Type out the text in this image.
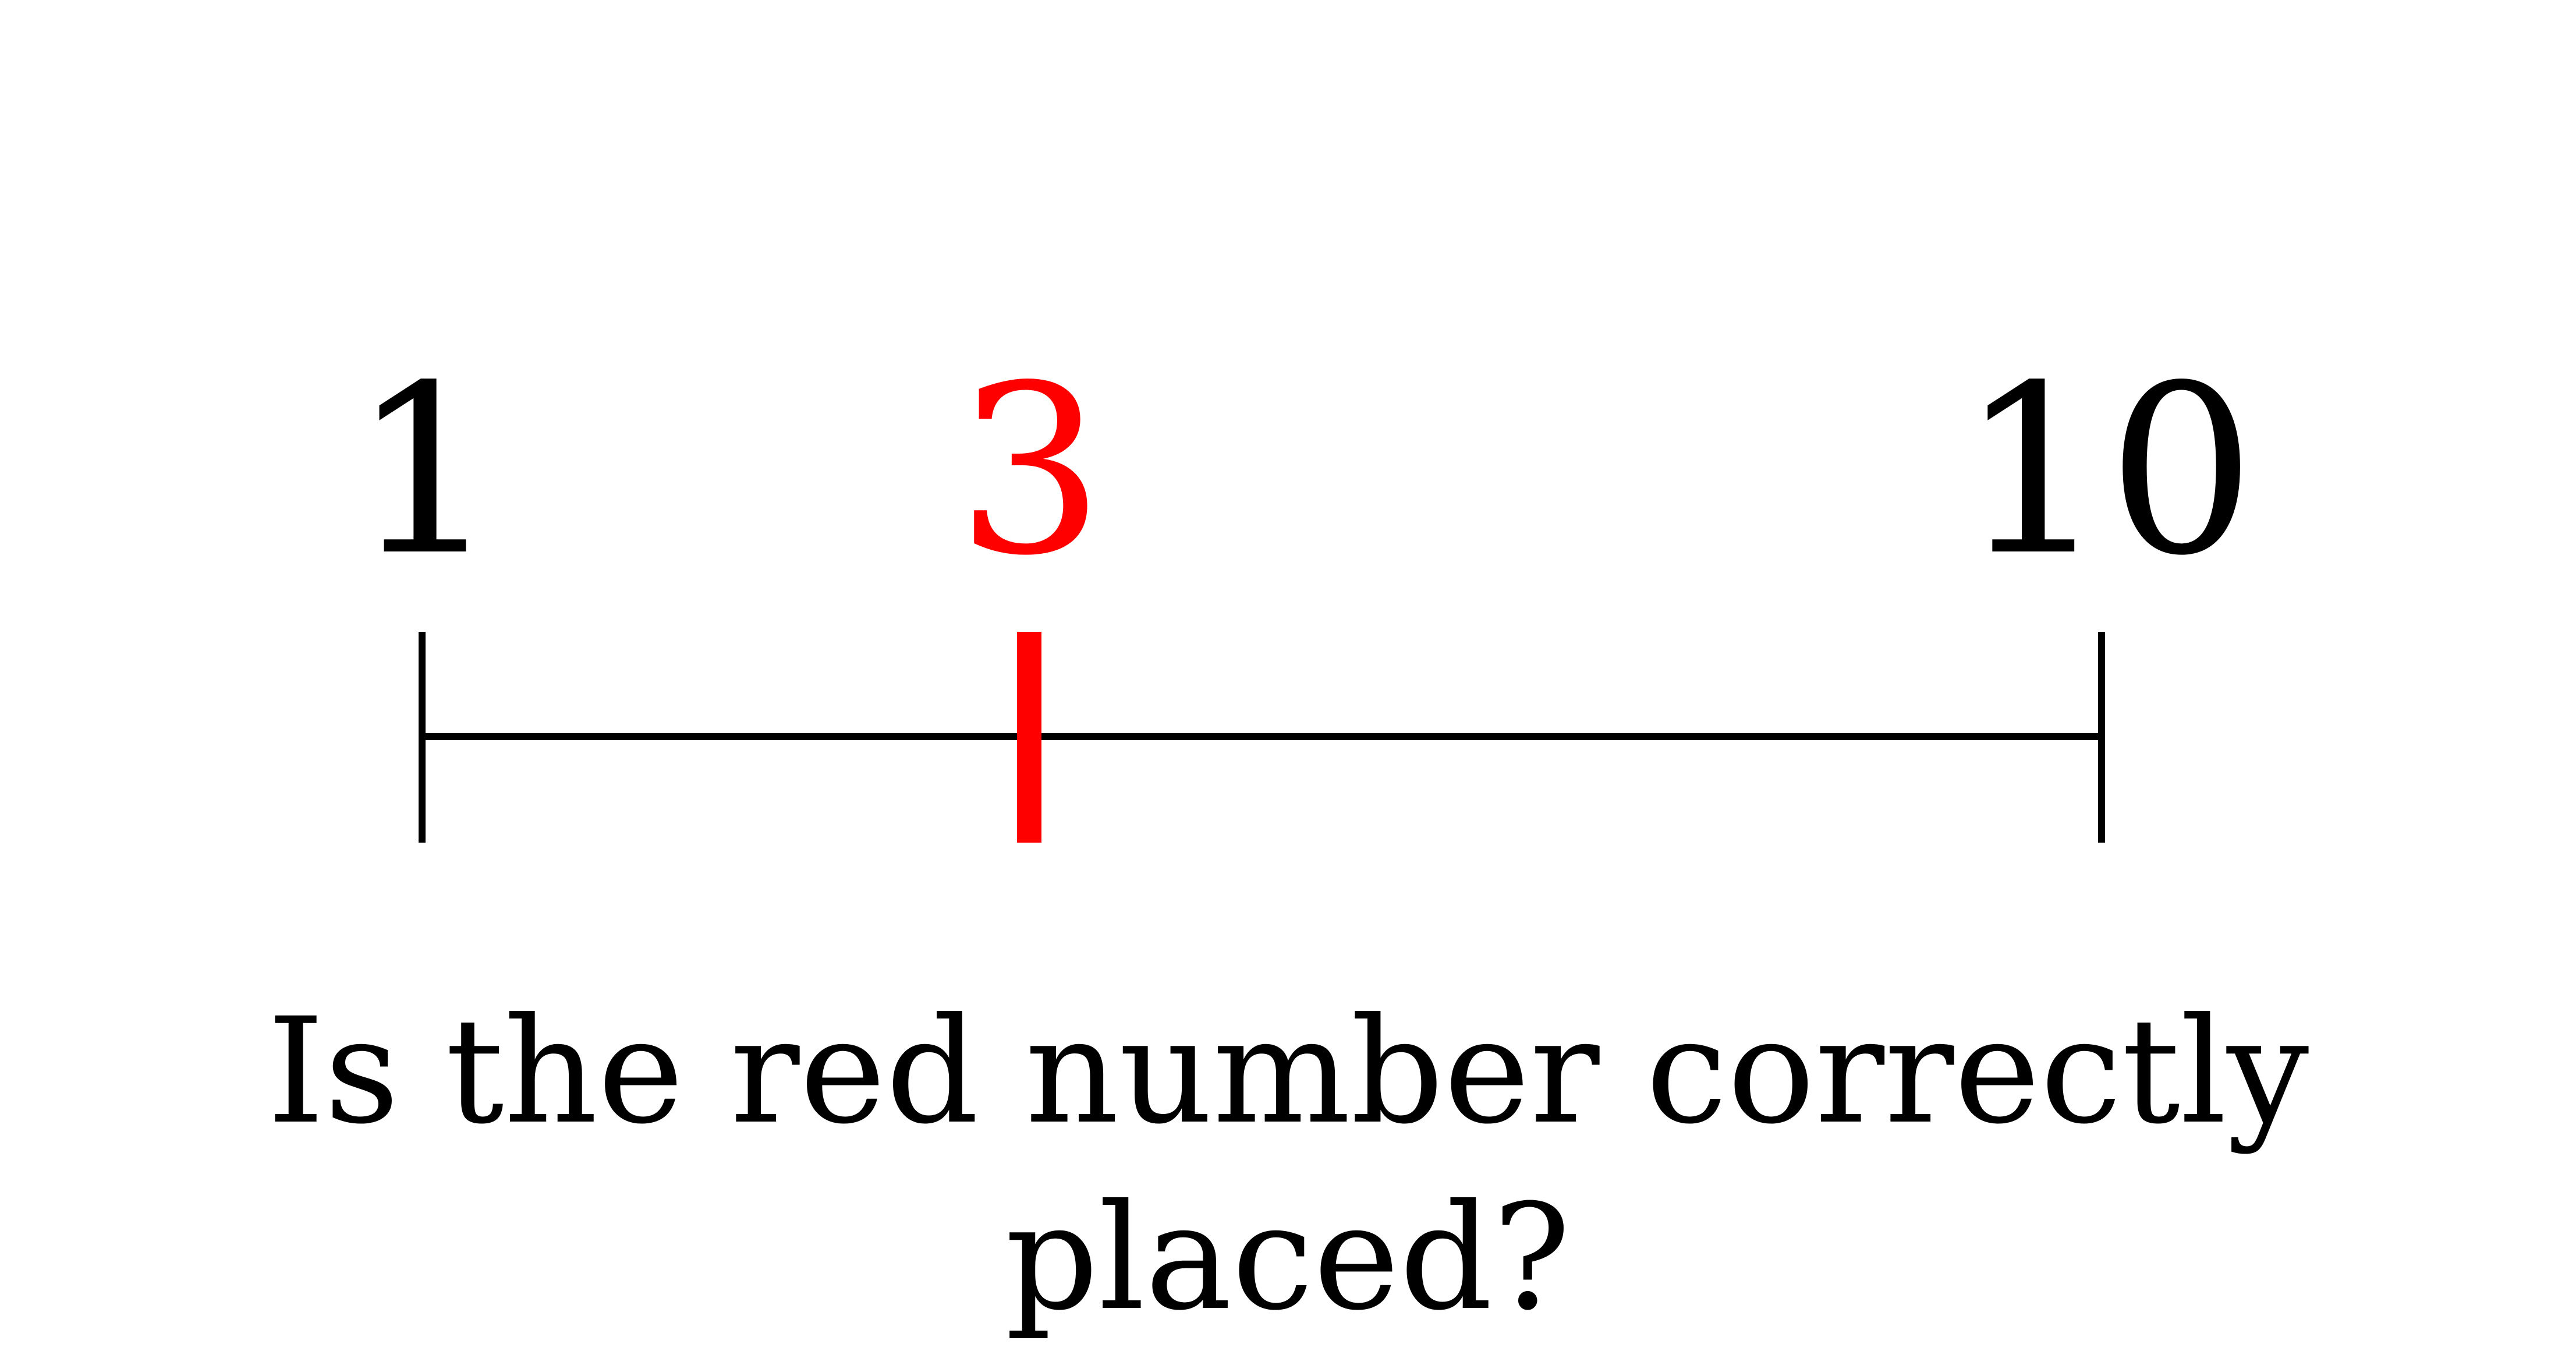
1 3	10
Is the red number correctly placed?
